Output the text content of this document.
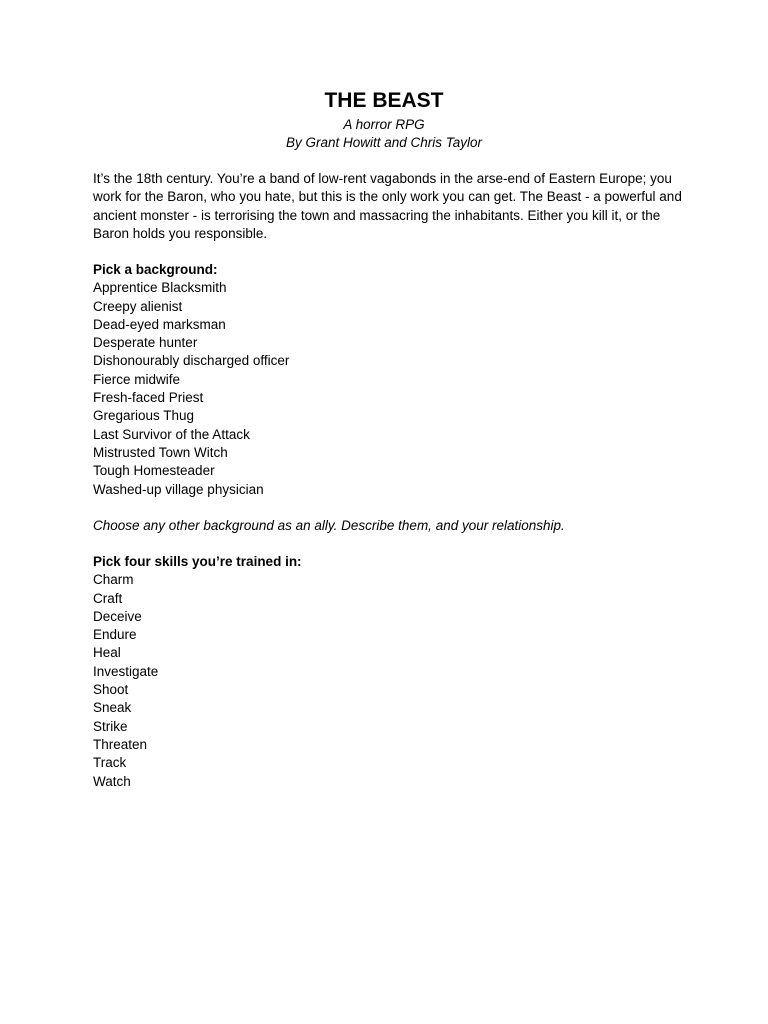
THE BEAST
A horror RPG
By Grant Howitt and Chris Taylor

It’s the 18th century. You’re a band of low-rent vagabonds in the arse-end of Eastern Europe; you work for the Baron, who you hate, but this is the only work you can get. The Beast - a powerful and ancient monster - is terrorising the town and massacring the inhabitants. Either you kill it, or the Baron holds you responsible.

Pick a background:
Apprentice Blacksmith
Creepy alienist
Dead-eyed marksman
Desperate hunter
Dishonourably discharged officer
Fierce midwife
Fresh-faced Priest
Gregarious Thug
Last Survivor of the Attack
Mistrusted Town Witch
Tough Homesteader
Washed-up village physician

Choose any other background as an ally. Describe them, and your relationship.

Pick four skills you’re trained in:
Charm
Craft
Deceive
Endure
Heal
Investigate
Shoot
Sneak
Strike
Threaten
Track
Watch
